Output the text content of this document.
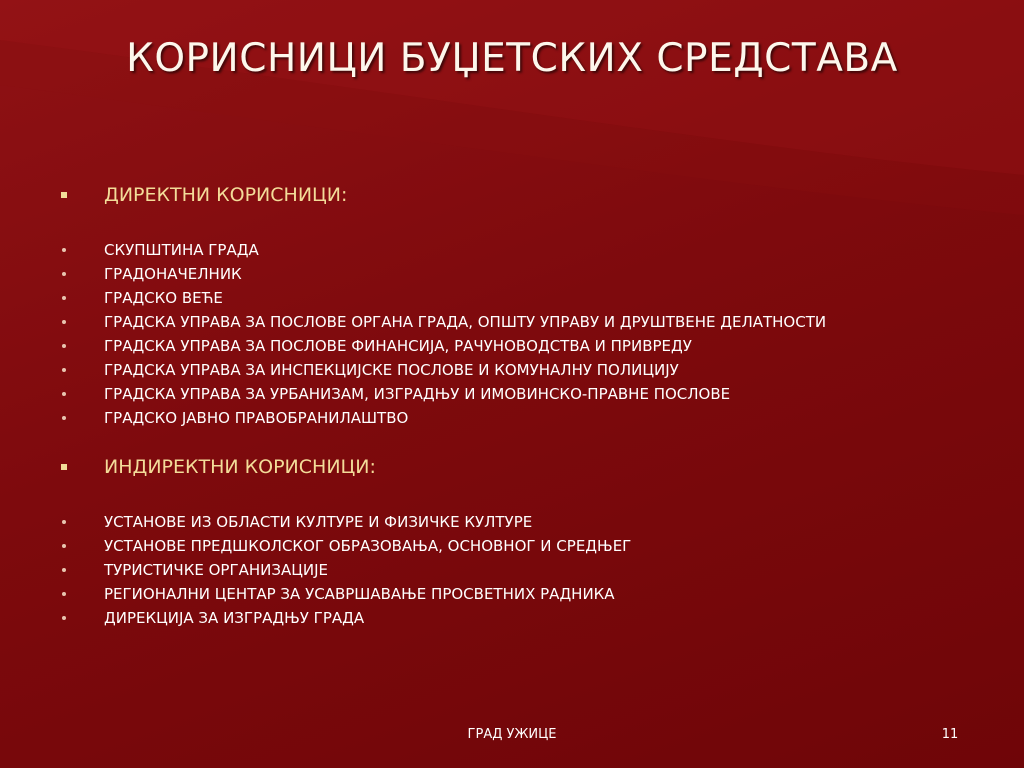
КОРИСНИЦИ БУЏЕТСКИХ СРЕДСТАВА
ДИРЕКТНИ КОРИСНИЦИ:
СКУПШТИНА ГРАДА
ГРАДОНАЧЕЛНИК
ГРАДСКО ВЕЋЕ
ГРАДСКА УПРАВА ЗА ПОСЛОВЕ ОРГАНА ГРАДА, ОПШТУ УПРАВУ И ДРУШТВЕНЕ ДЕЛАТНОСТИ
ГРАДСКА УПРАВА ЗА ПОСЛОВЕ ФИНАНСИЈА, РАЧУНОВОДСТВА И ПРИВРЕДУ
ГРАДСКА УПРАВА ЗА ИНСПЕКЦИЈСКЕ ПОСЛОВЕ И КОМУНАЛНУ ПОЛИЦИЈУ
ГРАДСКА УПРАВА ЗА УРБАНИЗАМ, ИЗГРАДЊУ И ИМОВИНСКО-ПРАВНЕ ПОСЛОВЕ
ГРАДСКО ЈАВНО ПРАВОБРАНИЛАШТВО
ИНДИРЕКТНИ КОРИСНИЦИ:
УСТАНОВЕ ИЗ ОБЛАСТИ КУЛТУРЕ И ФИЗИЧКЕ КУЛТУРЕ
УСТАНОВЕ ПРЕДШКОЛСКОГ ОБРАЗОВАЊА, ОСНОВНОГ И СРЕДЊЕГ
ТУРИСТИЧКЕ ОРГАНИЗАЦИЈЕ
РЕГИОНАЛНИ ЦЕНТАР ЗА УСАВРШАВАЊЕ ПРОСВЕТНИХ РАДНИКА
ДИРЕКЦИЈА ЗА ИЗГРАДЊУ ГРАДА
ГРАД УЖИЦЕ	11
